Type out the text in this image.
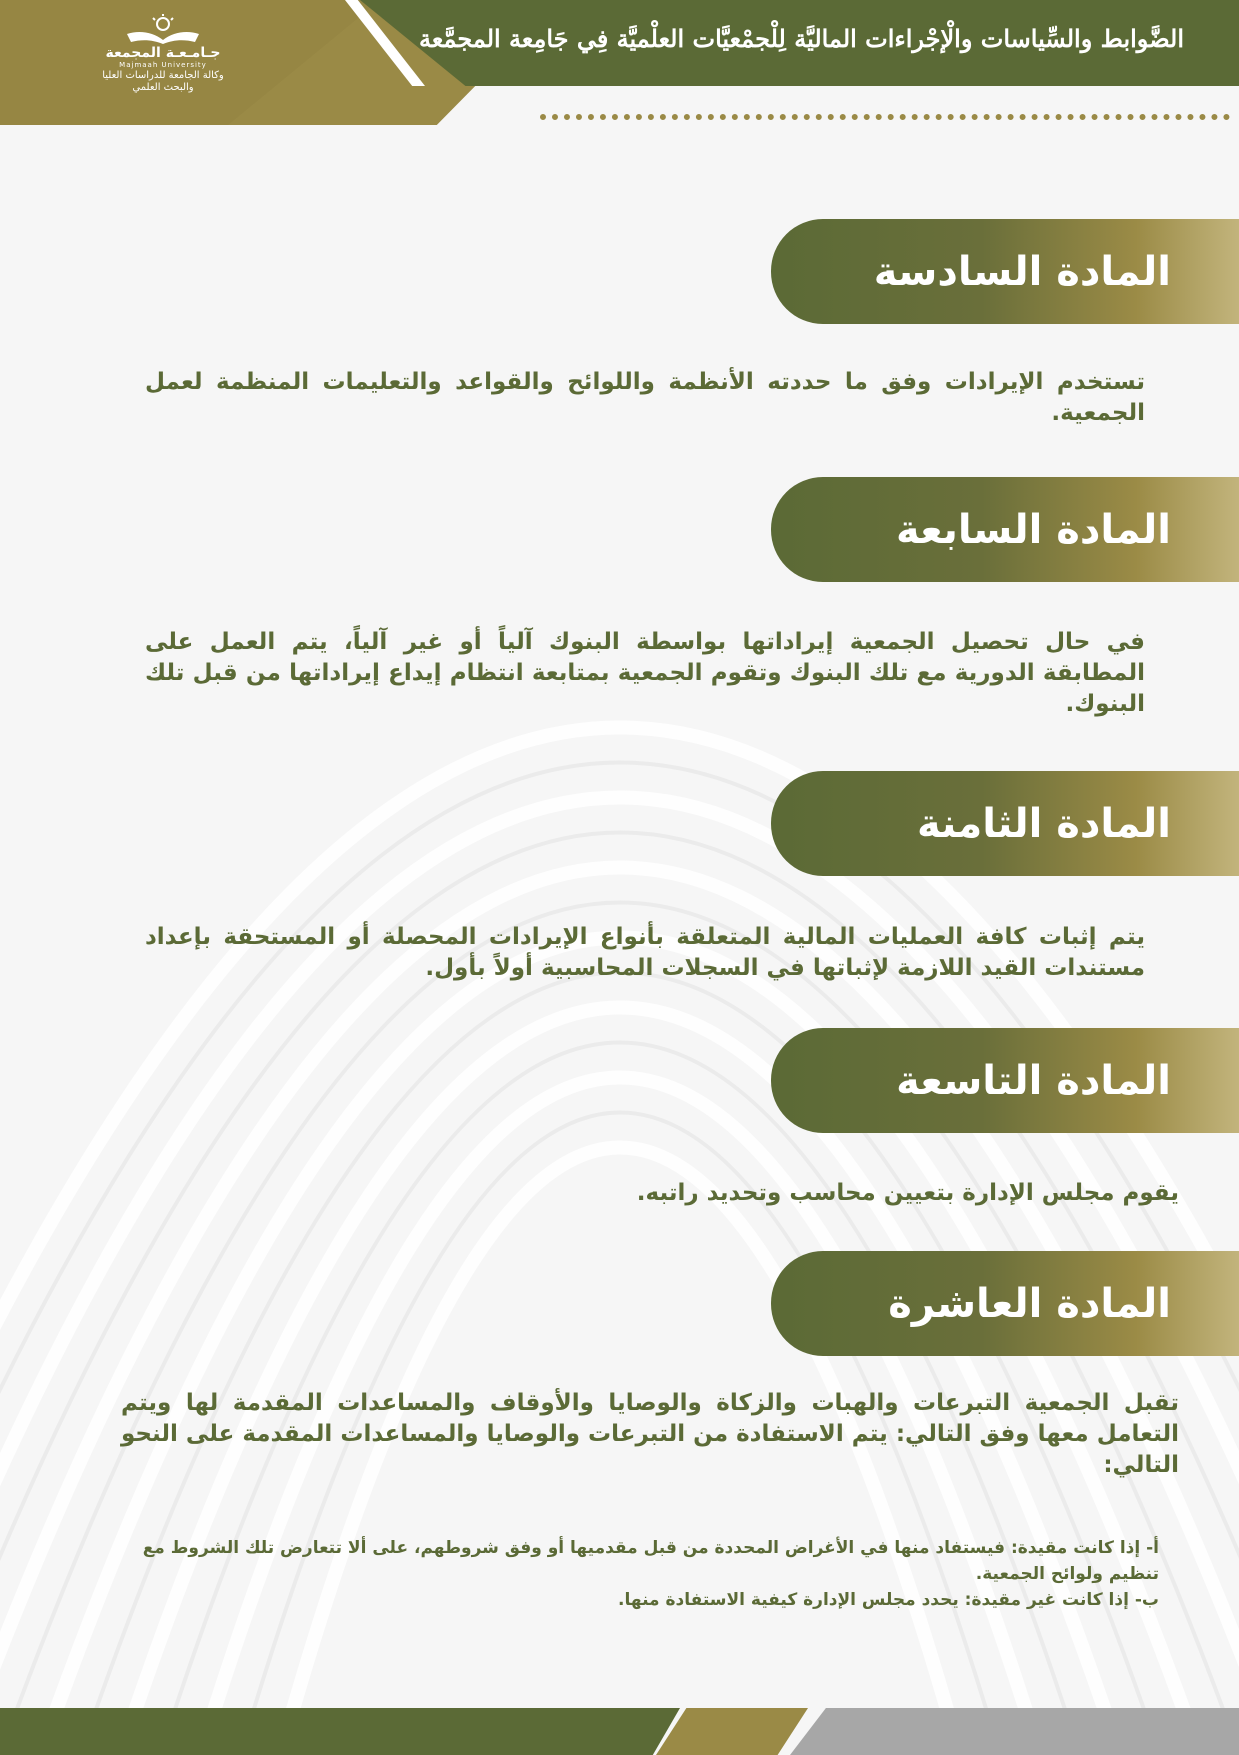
الضَّوابط والسِّياسات والْإجْراءات الماليَّة لِلْجمْعيَّات العلْميَّة فِي جَامِعة المجمَّعة
جـامـعـة المجمعة
Majmaah University
وكالة الجامعة للدراسات العليا والبحث العلمي
المادة السادسة
تستخدم الإيرادات وفق ما حددته الأنظمة واللوائح والقواعد والتعليمات المنظمة لعمل الجمعية.
المادة السابعة
في حال تحصيل الجمعية إيراداتها بواسطة البنوك آلياً أو غير آلياً، يتم العمل على المطابقة الدورية مع تلك البنوك وتقوم الجمعية بمتابعة انتظام إيداع إيراداتها من قبل تلك البنوك.
المادة الثامنة
يتم إثبات كافة العمليات المالية المتعلقة بأنواع الإيرادات المحصلة أو المستحقة بإعداد مستندات القيد اللازمة لإثباتها في السجلات المحاسبية أولاً بأول.
المادة التاسعة
يقوم مجلس الإدارة بتعيين محاسب وتحديد راتبه.
المادة العاشرة
تقبل الجمعية التبرعات والهبات والزكاة والوصايا والأوقاف والمساعدات المقدمة لها ويتم التعامل معها وفق التالي: يتم الاستفادة من التبرعات والوصايا والمساعدات المقدمة على النحو التالي:
أ- إذا كانت مقيدة: فيستفاد منها في الأغراض المحددة من قبل مقدميها أو وفق شروطهم، على ألا تتعارض تلك الشروط مع تنظيم ولوائح الجمعية.
ب- إذا كانت غير مقيدة: يحدد مجلس الإدارة كيفية الاستفادة منها.
